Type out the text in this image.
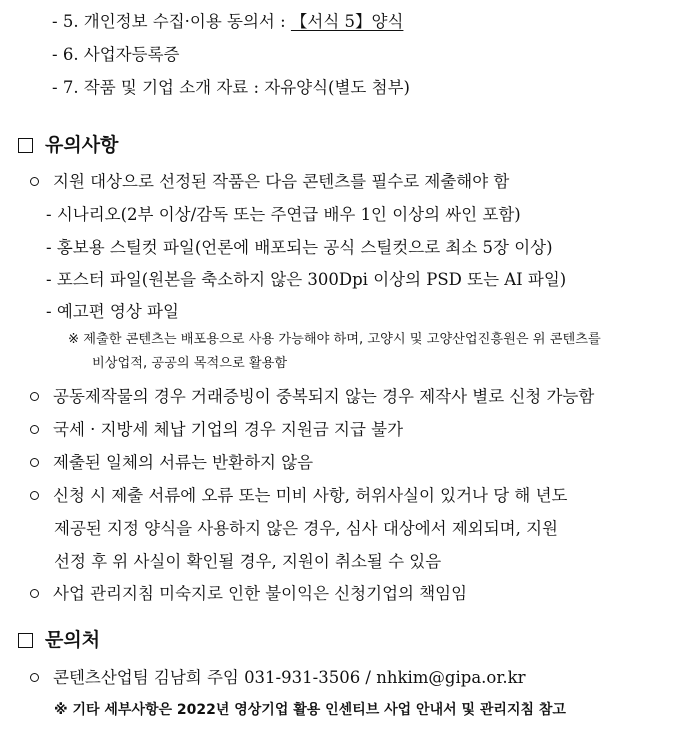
- 5. 개인정보 수집·이용 동의서 : 【서식 5】양식
- 6. 사업자등록증
- 7. 작품 및 기업 소개 자료 : 자유양식(별도 첨부)
유의사항
지원 대상으로 선정된 작품은 다음 콘텐츠를 필수로 제출해야 함
- 시나리오(2부 이상/감독 또는 주연급 배우 1인 이상의 싸인 포함)
- 홍보용 스틸컷 파일(언론에 배포되는 공식 스틸컷으로 최소 5장 이상)
- 포스터 파일(원본을 축소하지 않은 300Dpi 이상의 PSD 또는 AI 파일)
- 예고편 영상 파일
※ 제출한 콘텐츠는 배포용으로 사용 가능해야 하며, 고양시 및 고양산업진흥원은 위 콘텐츠를
비상업적, 공공의 목적으로 활용함
공동제작물의 경우 거래증빙이 중복되지 않는 경우 제작사 별로 신청 가능함
국세 · 지방세 체납 기업의 경우 지원금 지급 불가
제출된 일체의 서류는 반환하지 않음
신청 시 제출 서류에 오류 또는 미비 사항, 허위사실이 있거나 당 해 년도
제공된 지정 양식을 사용하지 않은 경우, 심사 대상에서 제외되며, 지원
선정 후 위 사실이 확인될 경우, 지원이 취소될 수 있음
사업 관리지침 미숙지로 인한 불이익은 신청기업의 책임임
문의처
콘텐츠산업팀 김남희 주임 031-931-3506 / nhkim@gipa.or.kr
※ 기타 세부사항은 2022년 영상기업 활용 인센티브 사업 안내서 및 관리지침 참고
